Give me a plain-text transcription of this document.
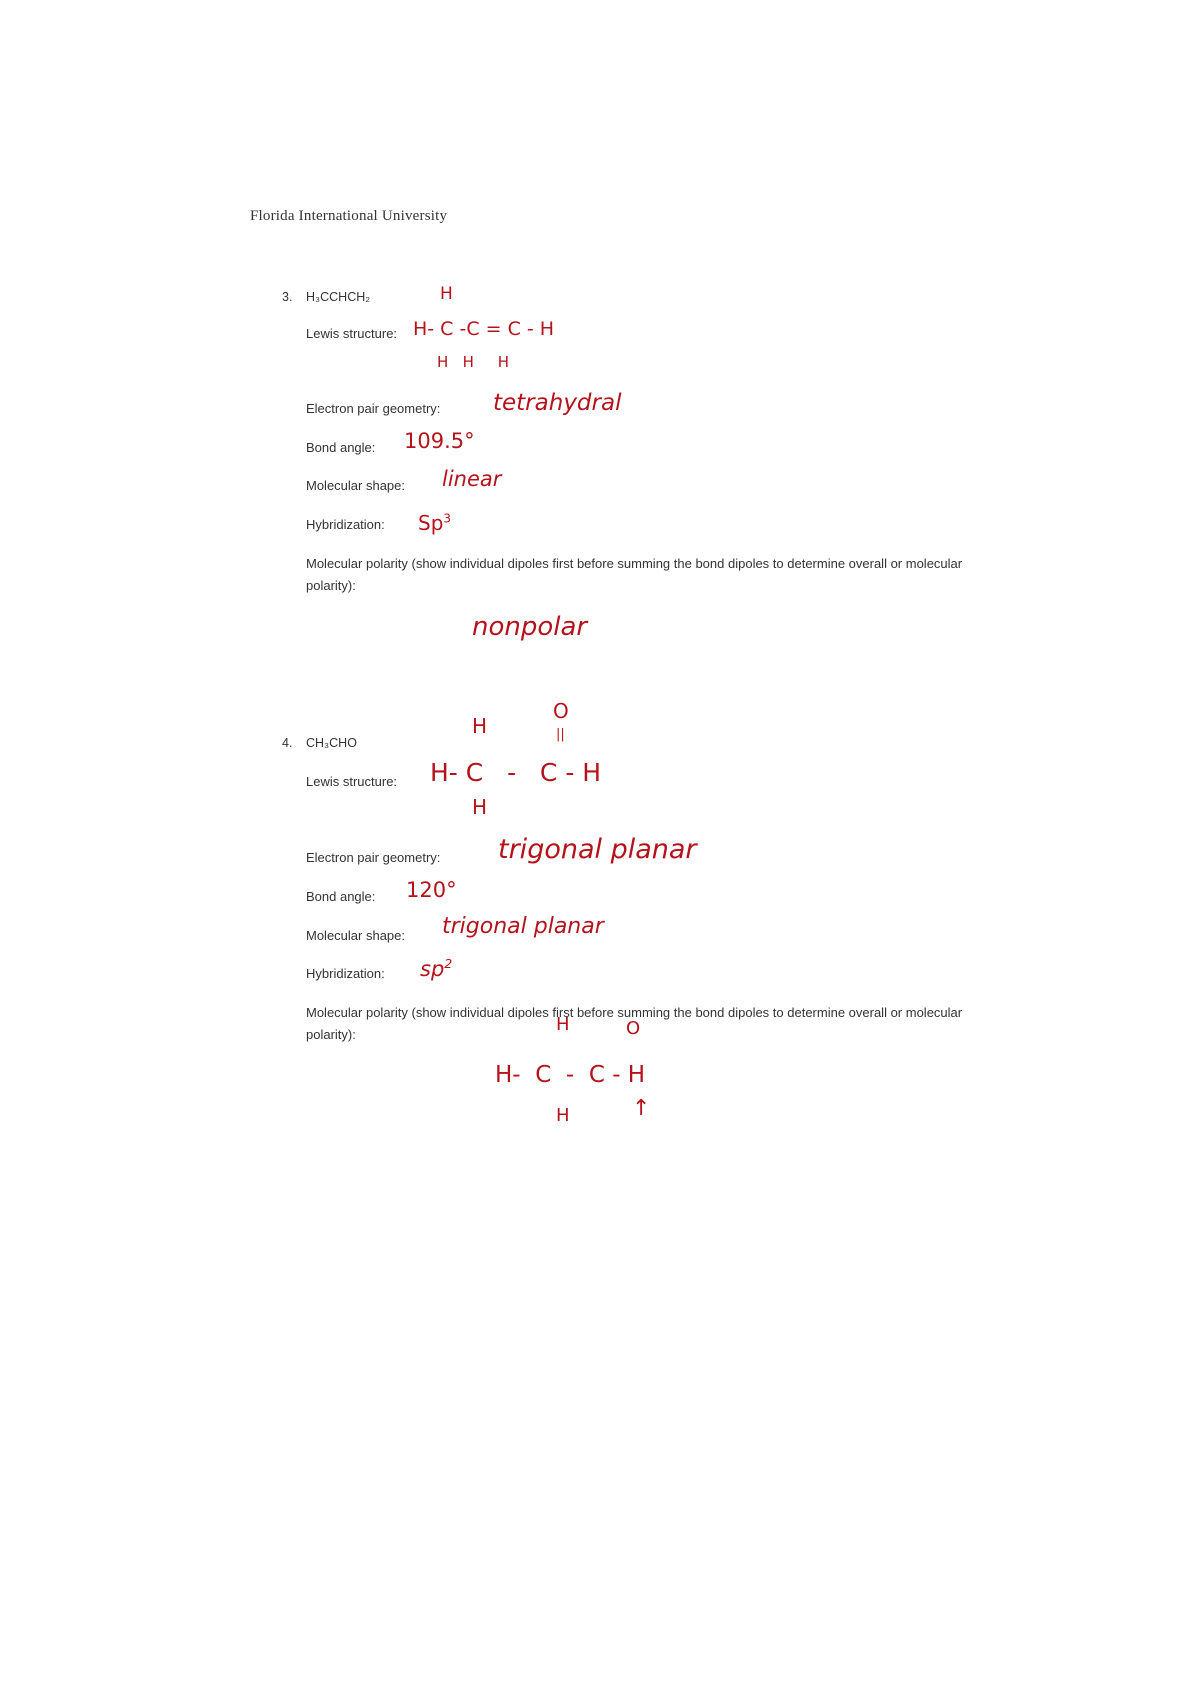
Florida International University
3. H₃CCHCH₂	H
Lewis structure: H- C -C = C - H
H   H     H
Electron pair geometry: tetrahydral
Bond angle: 109.5°
Molecular shape: linear
Hybridization: Sp$^3$
Molecular polarity (show individual dipoles first before summing the bond dipoles to determine overall or molecular polarity):
nonpolar
4. CH₃CHO
H
O
||
Lewis structure: H- C   -   C - H
H
Electron pair geometry: trigonal planar
Bond angle: 120°
Molecular shape: trigonal planar
Hybridization: $sp^2$
Molecular polarity (show individual dipoles first before summing the bond dipoles to determine overall or molecular polarity):	H	O
H-  C  -  C - H
H	↑
